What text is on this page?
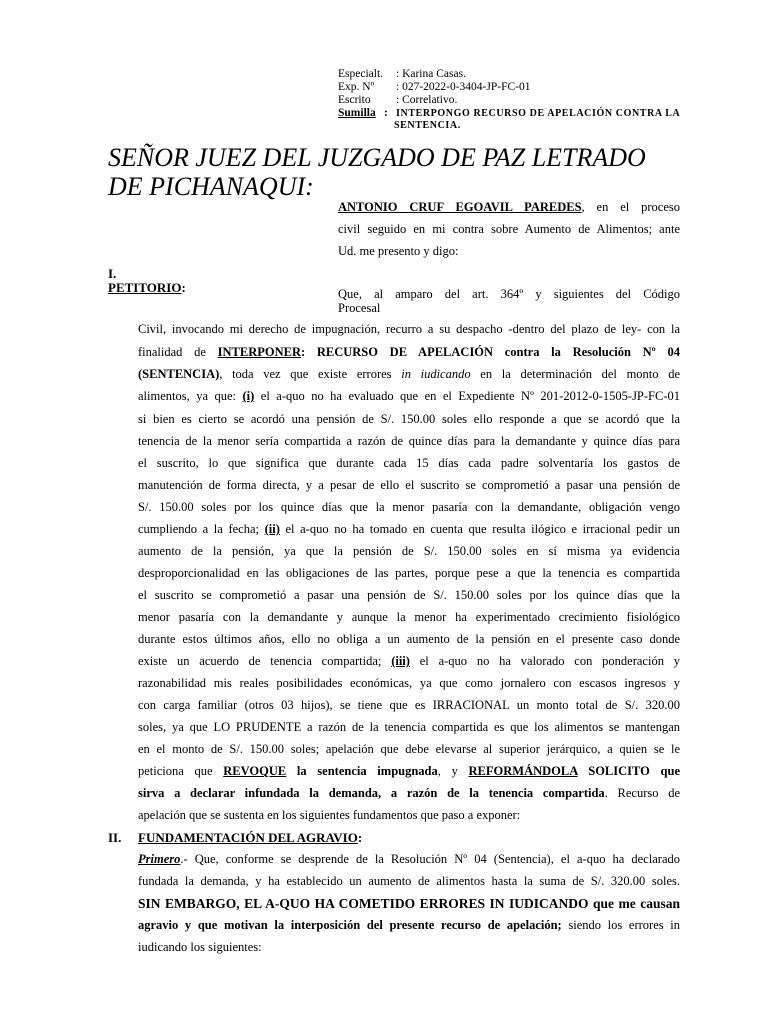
Especialt. : Karina Casas.
Exp. Nº : 027-2022-0-3404-JP-FC-01
Escrito : Correlativo.
Sumilla : INTERPONGO RECURSO DE APELACIÓN CONTRA LA
SENTENCIA.
SEÑOR JUEZ DEL JUZGADO DE PAZ LETRADO
DE PICHANAQUI:
ANTONIO CRUF EGOAVIL PAREDES, en el proceso
civil seguido en mi contra sobre Aumento de Alimentos; ante
Ud. me presento y digo:
I.
PETITORIO:	Que, al amparo del art. 364º y siguientes del Código
Procesal
Civil, invocando mi derecho de impugnación, recurro a su despacho -dentro del plazo de ley- con la
finalidad de INTERPONER: RECURSO DE APELACIÓN contra la Resolución Nº 04
(SENTENCIA), toda vez que existe errores in iudicando en la determinación del monto de
alimentos, ya que: (i) el a-quo no ha evaluado que en el Expediente Nº 201-2012-0-1505-JP-FC-01
si bien es cierto se acordó una pensión de S/. 150.00 soles ello responde a que se acordó que la
tenencia de la menor sería compartida a razón de quince días para la demandante y quince días para
el suscrito, lo que significa que durante cada 15 días cada padre solventaría los gastos de
manutención de forma directa, y a pesar de ello el suscrito se comprometió a pasar una pensión de
S/. 150.00 soles por los quince días que la menor pasaría con la demandante, obligación vengo
cumpliendo a la fecha; (ii) el a-quo no ha tomado en cuenta que resulta ilógico e irracional pedir un
aumento de la pensión, ya que la pensión de S/. 150.00 soles en sí misma ya evidencia
desproporcionalidad en las obligaciones de las partes, porque pese a que la tenencia es compartida
el suscrito se comprometió a pasar una pensión de S/. 150.00 soles por los quince días que la
menor pasaría con la demandante y aunque la menor ha experimentado crecimiento fisiológico
durante estos últimos años, ello no obliga a un aumento de la pensión en el presente caso donde
existe un acuerdo de tenencia compartida; (iii) el a-quo no ha valorado con ponderación y
razonabilidad mis reales posibilidades económicas, ya que como jornalero con escasos ingresos y
con carga familiar (otros 03 hijos), se tiene que es IRRACIONAL un monto total de S/. 320.00
soles, ya que LO PRUDENTE a razón de la tenencia compartida es que los alimentos se mantengan
en el monto de S/. 150.00 soles; apelación que debe elevarse al superior jerárquico, a quien se le
peticiona que REVOQUE la sentencia impugnada, y REFORMÁNDOLA SOLICITO que
sirva a declarar infundada la demanda, a razón de la tenencia compartida. Recurso de
apelación que se sustenta en los siguientes fundamentos que paso a exponer:
II. FUNDAMENTACIÓN DEL AGRAVIO:
Primero.- Que, conforme se desprende de la Resolución Nº 04 (Sentencia), el a-quo ha declarado
fundada la demanda, y ha establecido un aumento de alimentos hasta la suma de S/. 320.00 soles.
SIN EMBARGO, EL A-QUO HA COMETIDO ERRORES IN IUDICANDO que me causan
agravio y que motivan la interposición del presente recurso de apelación; siendo los errores in
iudicando los siguientes:
